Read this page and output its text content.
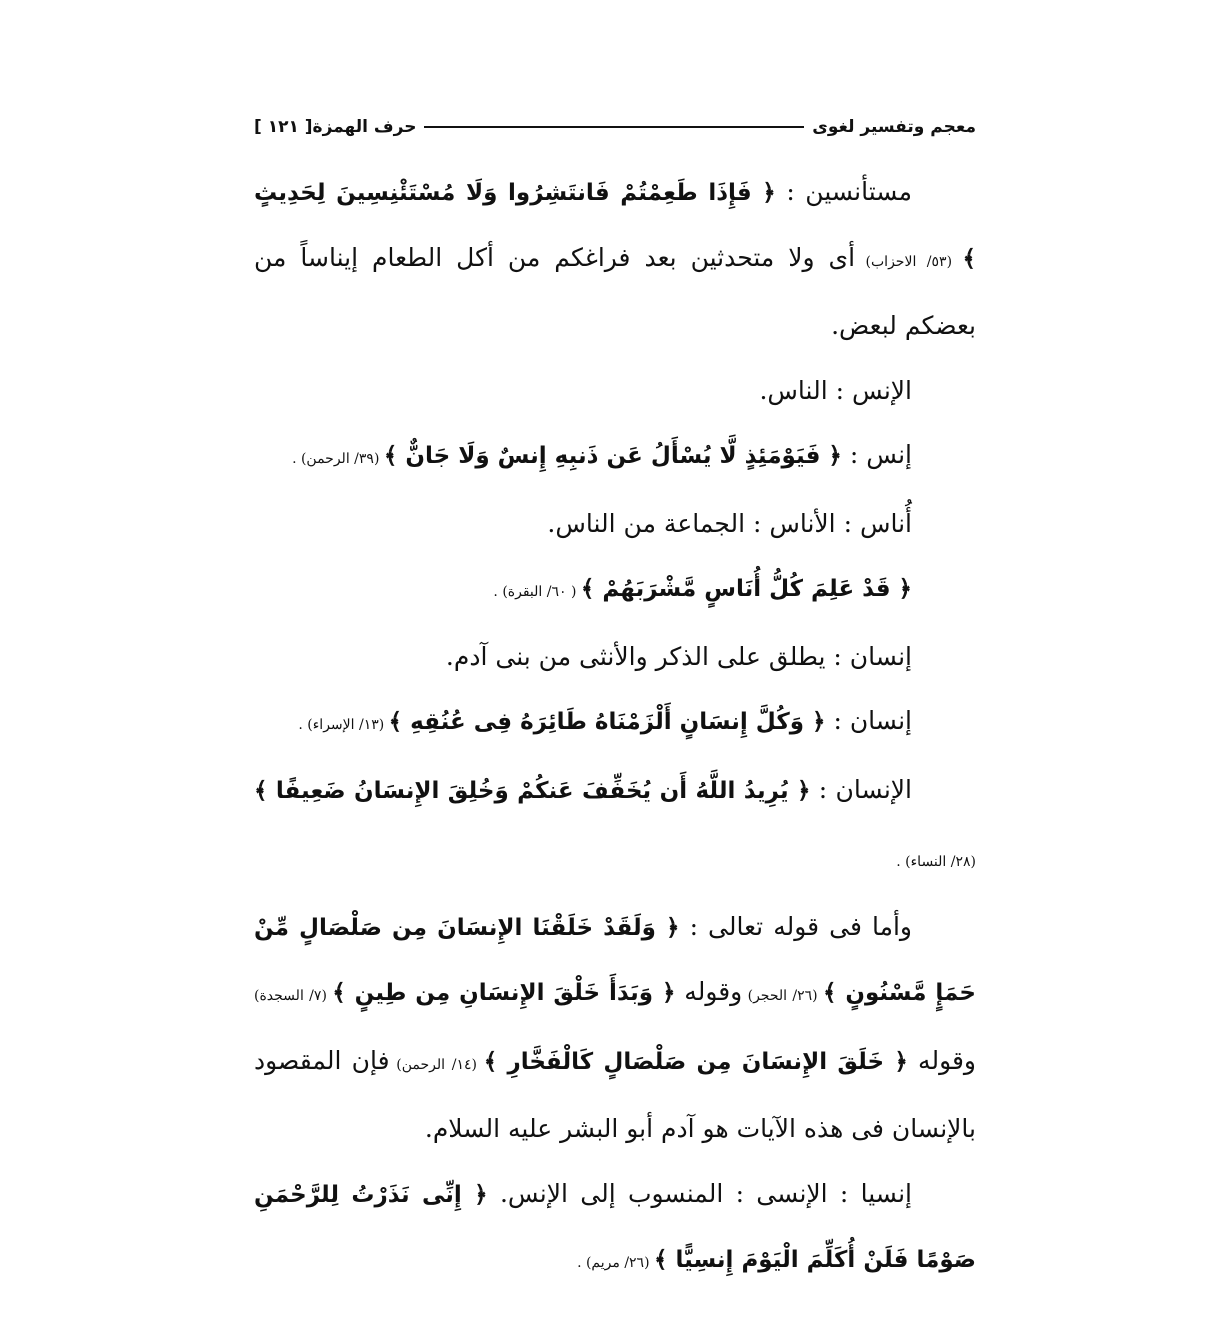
معجم وتفسير لغوى
حرف الهمزة
[ ١٢١ ]

مستأنسين : ﴿ فَإِذَا طَعِمْتُمْ فَانتَشِرُوا وَلَا مُسْتَئْنِسِينَ لِحَدِيثٍ ﴾ (٥٣/ الاحزاب) أى ولا متحدثين بعد فراغكم من أكل الطعام إيناساً من بعضكم لبعض.

الإنس : الناس.

إنس : ﴿ فَيَوْمَئِذٍ لَّا يُسْأَلُ عَن ذَنبِهِ إِنسٌ وَلَا جَانٌّ ﴾ (٣٩/ الرحمن) .

أُناس : الأناس : الجماعة من الناس.

﴿ قَدْ عَلِمَ كُلُّ أُنَاسٍ مَّشْرَبَهُمْ ﴾ ( ٦٠/ البقرة) .

إنسان : يطلق على الذكر والأنثى من بنى آدم.

إنسان : ﴿ وَكُلَّ إِنسَانٍ أَلْزَمْنَاهُ طَائِرَهُ فِى عُنُقِهِ ﴾ (١٣/ الإسراء) .

الإنسان : ﴿ يُرِيدُ اللَّهُ أَن يُخَفِّفَ عَنكُمْ وَخُلِقَ الإِنسَانُ ضَعِيفًا ﴾ (٢٨/ النساء) .

وأما فى قوله تعالى : ﴿ وَلَقَدْ خَلَقْنَا الإِنسَانَ مِن صَلْصَالٍ مِّنْ حَمَإٍ مَّسْنُونٍ ﴾ (٢٦/ الحجر) وقوله ﴿ وَبَدَأَ خَلْقَ الإِنسَانِ مِن طِينٍ ﴾ (٧/ السجدة) وقوله ﴿ خَلَقَ الإِنسَانَ مِن صَلْصَالٍ كَالْفَخَّارِ ﴾ (١٤/ الرحمن) فإن المقصود بالإنسان فى هذه الآيات هو آدم أبو البشر عليه السلام.

إنسيا : الإنسى : المنسوب إلى الإنس. ﴿ إِنِّى نَذَرْتُ لِلرَّحْمَنِ صَوْمًا فَلَنْ أُكَلِّمَ الْيَوْمَ إِنسِيًّا ﴾ (٢٦/ مريم) .
